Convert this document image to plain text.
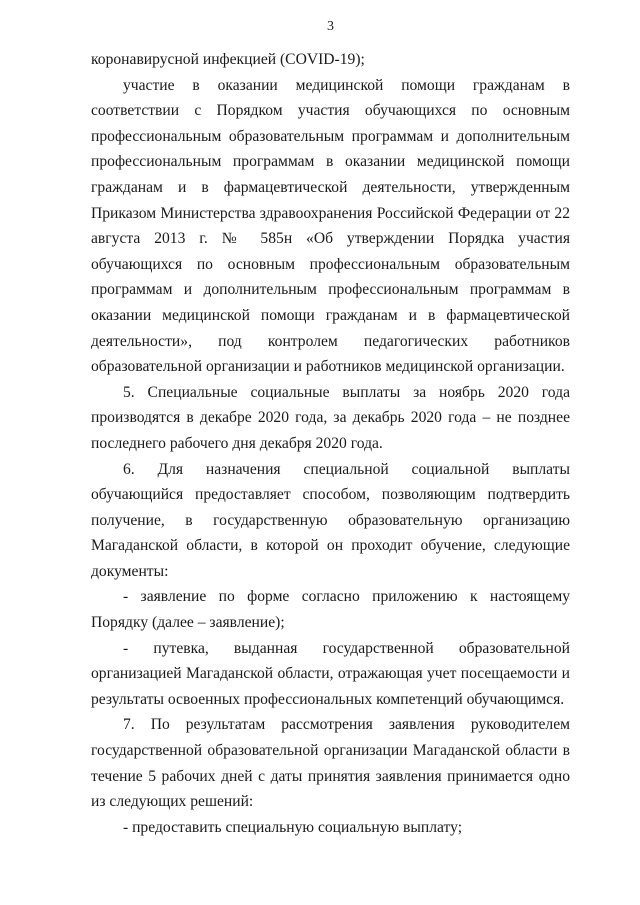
3

коронавирусной инфекцией (COVID-19);

участие в оказании медицинской помощи гражданам в соответствии с Порядком участия обучающихся по основным профессиональным образовательным программам и дополнительным профессиональным программам в оказании медицинской помощи гражданам и в фармацевтической деятельности, утвержденным Приказом Министерства здравоохранения Российской Федерации от 22 августа 2013 г. № 585н «Об утверждении Порядка участия обучающихся по основным профессиональным образовательным программам и дополнительным профессиональным программам в оказании медицинской помощи гражданам и в фармацевтической деятельности», под контролем педагогических работников образовательной организации и работников медицинской организации.

5. Специальные социальные выплаты за ноябрь 2020 года производятся в декабре 2020 года, за декабрь 2020 года – не позднее последнего рабочего дня декабря 2020 года.

6. Для назначения специальной социальной выплаты обучающийся предоставляет способом, позволяющим подтвердить получение, в государственную образовательную организацию Магаданской области, в которой он проходит обучение, следующие документы:

- заявление по форме согласно приложению к настоящему Порядку (далее – заявление);

- путевка, выданная государственной образовательной организацией Магаданской области, отражающая учет посещаемости и результаты освоенных профессиональных компетенций обучающимся.

7. По результатам рассмотрения заявления руководителем государственной образовательной организации Магаданской области в течение 5 рабочих дней с даты принятия заявления принимается одно из следующих решений:

- предоставить специальную социальную выплату;
